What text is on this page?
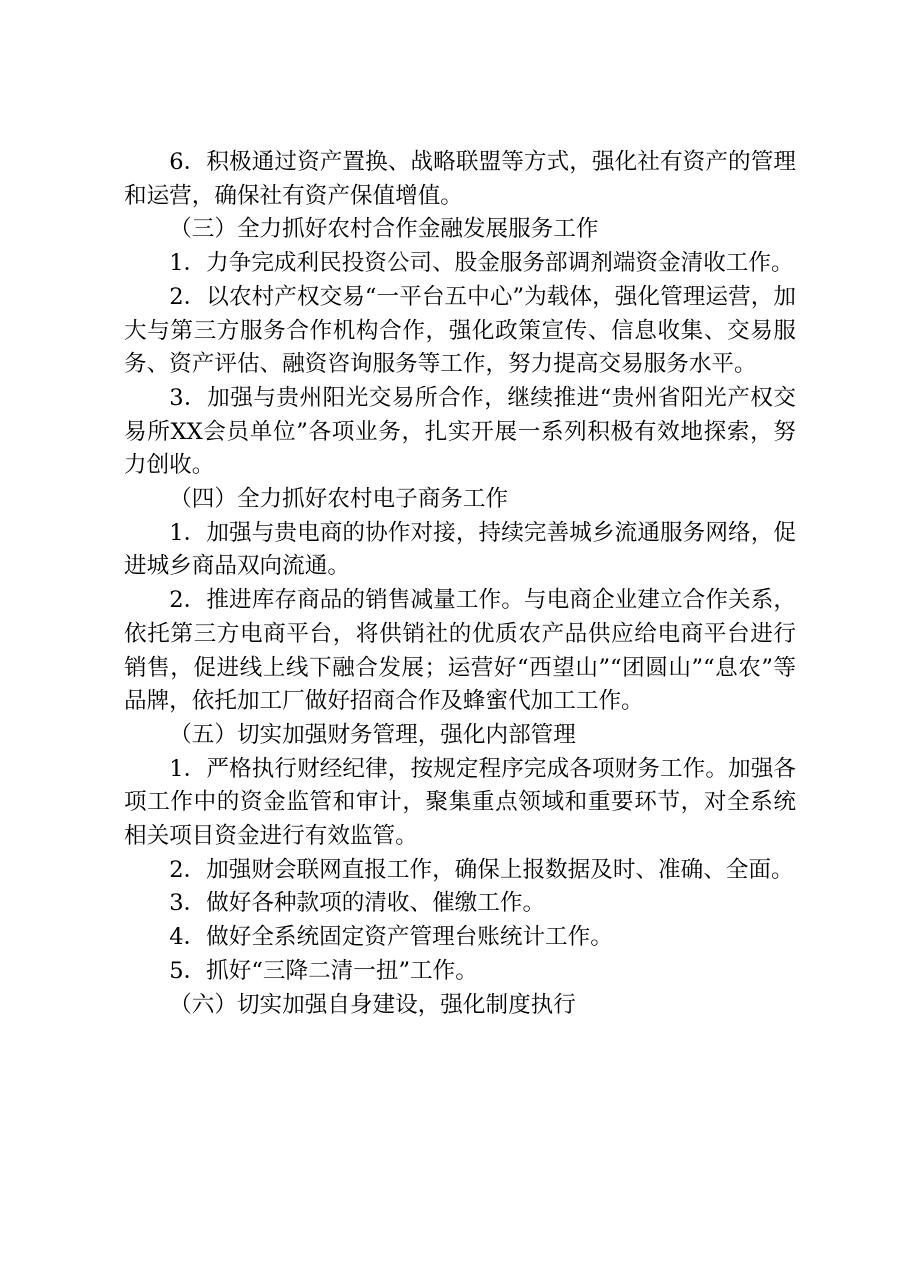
6．积极通过资产置换、战略联盟等方式，强化社有资产的管理和运营，确保社有资产保值增值。

（三）全力抓好农村合作金融发展服务工作

1．力争完成利民投资公司、股金服务部调剂端资金清收工作。

2．以农村产权交易“一平台五中心”为载体，强化管理运营，加大与第三方服务合作机构合作，强化政策宣传、信息收集、交易服务、资产评估、融资咨询服务等工作，努力提高交易服务水平。

3．加强与贵州阳光交易所合作，继续推进“贵州省阳光产权交易所XX会员单位”各项业务，扎实开展一系列积极有效地探索，努力创收。

（四）全力抓好农村电子商务工作

1．加强与贵电商的协作对接，持续完善城乡流通服务网络，促进城乡商品双向流通。

2．推进库存商品的销售减量工作。与电商企业建立合作关系，依托第三方电商平台，将供销社的优质农产品供应给电商平台进行销售，促进线上线下融合发展；运营好“西望山”“团圆山”“息农”等品牌，依托加工厂做好招商合作及蜂蜜代加工工作。

（五）切实加强财务管理，强化内部管理

1．严格执行财经纪律，按规定程序完成各项财务工作。加强各项工作中的资金监管和审计，聚集重点领域和重要环节，对全系统相关项目资金进行有效监管。

2．加强财会联网直报工作，确保上报数据及时、准确、全面。

3．做好各种款项的清收、催缴工作。

4．做好全系统固定资产管理台账统计工作。

5．抓好“三降二清一扭”工作。

（六）切实加强自身建设，强化制度执行
